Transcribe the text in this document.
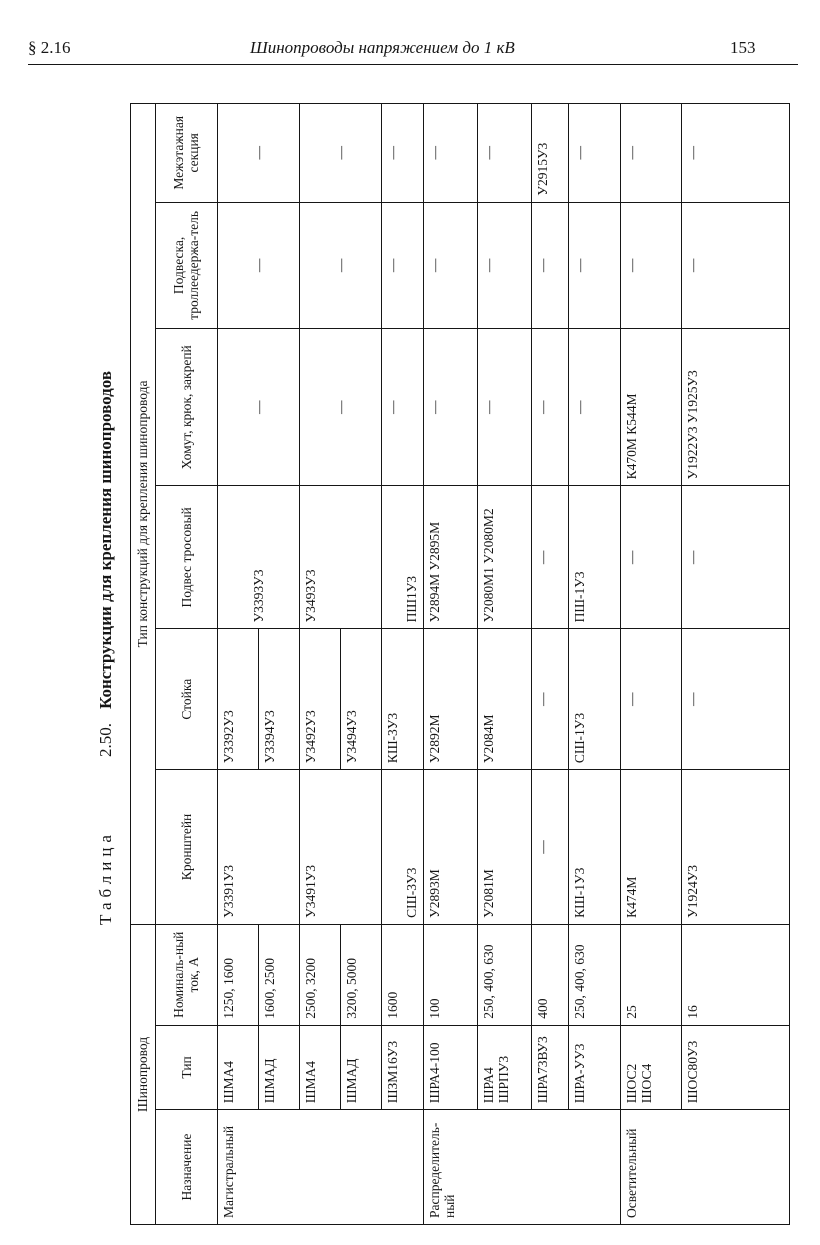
§ 2.16	Шинопроводы напряжением до 1 кВ	153
Таблица
2.50.
Конструкции для крепления шинопроводов
Шинопровод			Тип конструкций для крепления шинопровода					
Назначение	Тип	Номиналь-ный ток, А	Кронштейн	Стойка	Подвес тросовый	Хомут, крюк, закрепй	Подвеска, троллеедержа-тель	Межэтажная секция
Магистральный	ШМА4	1250, 1600	У3391У3	У3392У3	У3393У3	—	—	—
	ШМАД	1600, 2500		У3394У3				
	ШМА4	2500, 3200	У3491У3	У3492У3	У3493У3	—	—	—
	ШМАД	3200, 5000		У3494У3				
	ШЗМ16У3	1600	СШ-3У3	КШ-3У3	ПШ1У3	—	—	—
Распределитель-ный	ШРА4-100	100	У2893М	У2892М	У2894М У2895М	—	—	—
	ШРА4 ШРПУ3	250, 400, 630	У2081М	У2084М	У2080М1 У2080М2	—	—	—
	ШРА73ВУ3	400	—	—	—	—	—	У2915У3
	ШРА-УУ3	250, 400, 630	КШ-1У3	СШ-1У3	ПШ-1У3	—	—	—
Осветительный	ШОС2 ШОС4	25	К474М	—	—	К470М К544М	—	—
	ШОС80У3	16	У1924У3	—	—	У1922У3 У1925У3	—	—
